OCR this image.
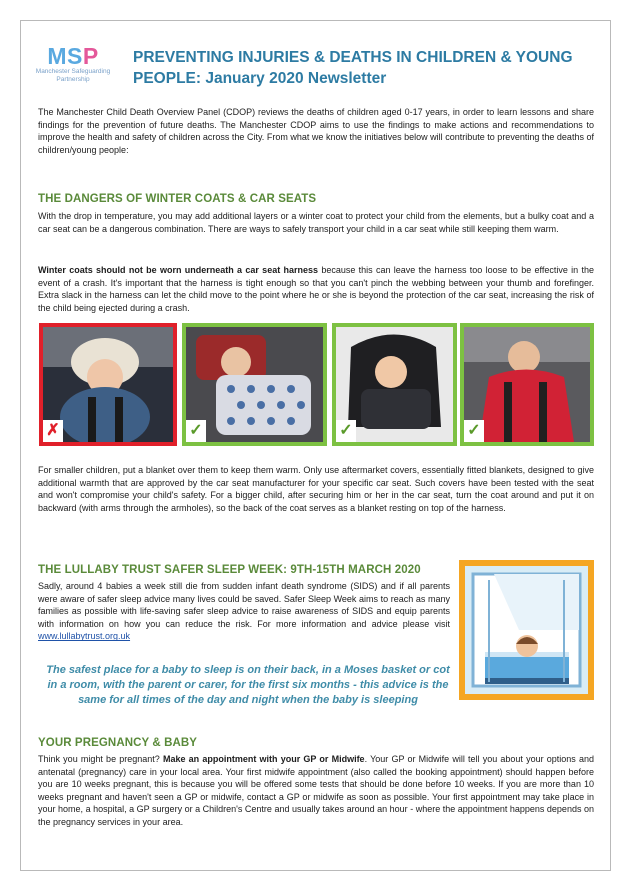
MSP
Manchester Safeguarding
Partnership
PREVENTING INJURIES & DEATHS IN CHILDREN & YOUNG
PEOPLE: January 2020 Newsletter

The Manchester Child Death Overview Panel (CDOP) reviews the deaths of children aged 0-17 years, in order to learn lessons and share findings for the prevention of future deaths. The Manchester CDOP aims to use the findings to make actions and recommendations to improve the health and safety of children across the City. From what we know the initiatives below will contribute to preventing the deaths of children/young people:

THE DANGERS OF WINTER COATS & CAR SEATS

With the drop in temperature, you may add additional layers or a winter coat to protect your child from the elements, but a bulky coat and a car seat can be a dangerous combination. There are ways to safely transport your child in a car seat while still keeping them warm.

Winter coats should not be worn underneath a car seat harness because this can leave the harness too loose to be effective in the event of a crash. It's important that the harness is tight enough so that you can't pinch the webbing between your thumb and forefinger. Extra slack in the harness can let the child move to the point where he or she is beyond the protection of the car seat, increasing the risk of the child being ejected during a crash.

✗	✓	✓	✓

For smaller children, put a blanket over them to keep them warm. Only use aftermarket covers, essentially fitted blankets, designed to give additional warmth that are approved by the car seat manufacturer for your specific car seat. Such covers have been tested with the seat and won't compromise your child's safety. For a bigger child, after securing him or her in the car seat, turn the coat around and put it on backward (with arms through the armholes), so the back of the coat serves as a blanket resting on top of the harness.

THE LULLABY TRUST SAFER SLEEP WEEK: 9TH-15TH MARCH 2020

Sadly, around 4 babies a week still die from sudden infant death syndrome (SIDS) and if all parents were aware of safer sleep advice many lives could be saved. Safer Sleep Week aims to reach as many families as possible with life-saving safer sleep advice to raise awareness of SIDS and equip parents with information on how you can reduce the risk. For more information and advice please visit www.lullabytrust.org.uk

The safest place for a baby to sleep is on their back, in a Moses basket or cot in a room, with the parent or carer, for the first six months - this advice is the same for all times of the day and night when the baby is sleeping
YOUR PREGNANCY & BABY

Think you might be pregnant? Make an appointment with your GP or Midwife. Your GP or Midwife will tell you about your options and antenatal (pregnancy) care in your local area. Your first midwife appointment (also called the booking appointment) should happen before you are 10 weeks pregnant, this is because you will be offered some tests that should be done before 10 weeks. If you are more than 10 weeks pregnant and haven't seen a GP or midwife, contact a GP or midwife as soon as possible. Your first appointment may take place in your home, a hospital, a GP surgery or a Children's Centre and usually takes around an hour - where the appointment happens depends on the pregnancy services in your area.
